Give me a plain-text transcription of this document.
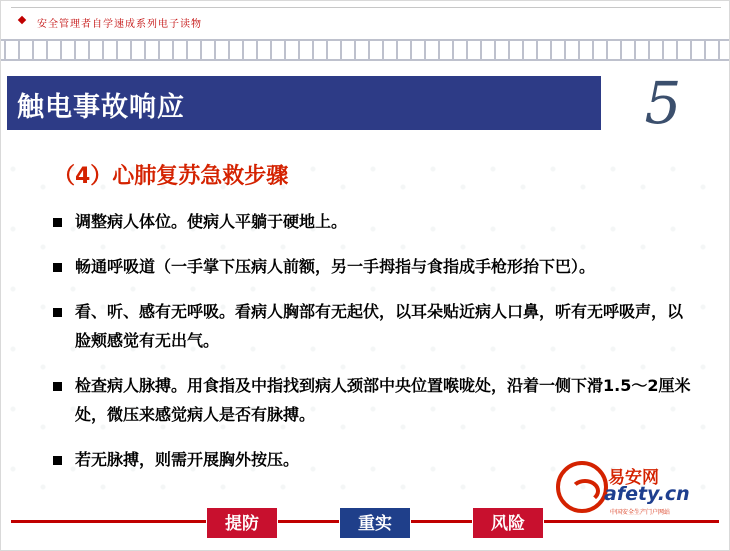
安全管理者自学速成系列电子读物
触电事故响应	5
（4）心肺复苏急救步骤
调整病人体位。使病人平躺于硬地上。
畅通呼吸道（一手掌下压病人前额，另一手拇指与食指成手枪形抬下巴）。
看、听、感有无呼吸。看病人胸部有无起伏，以耳朵贴近病人口鼻，听有无呼吸声，以脸颊感觉有无出气。
检查病人脉搏。用食指及中指找到病人颈部中央位置喉咙处，沿着一侧下滑1.5～2厘米处，微压来感觉病人是否有脉搏。
若无脉搏，则需开展胸外按压。
易安网
afety.cn
中国安全生产门户网站
提防	重实	风险
